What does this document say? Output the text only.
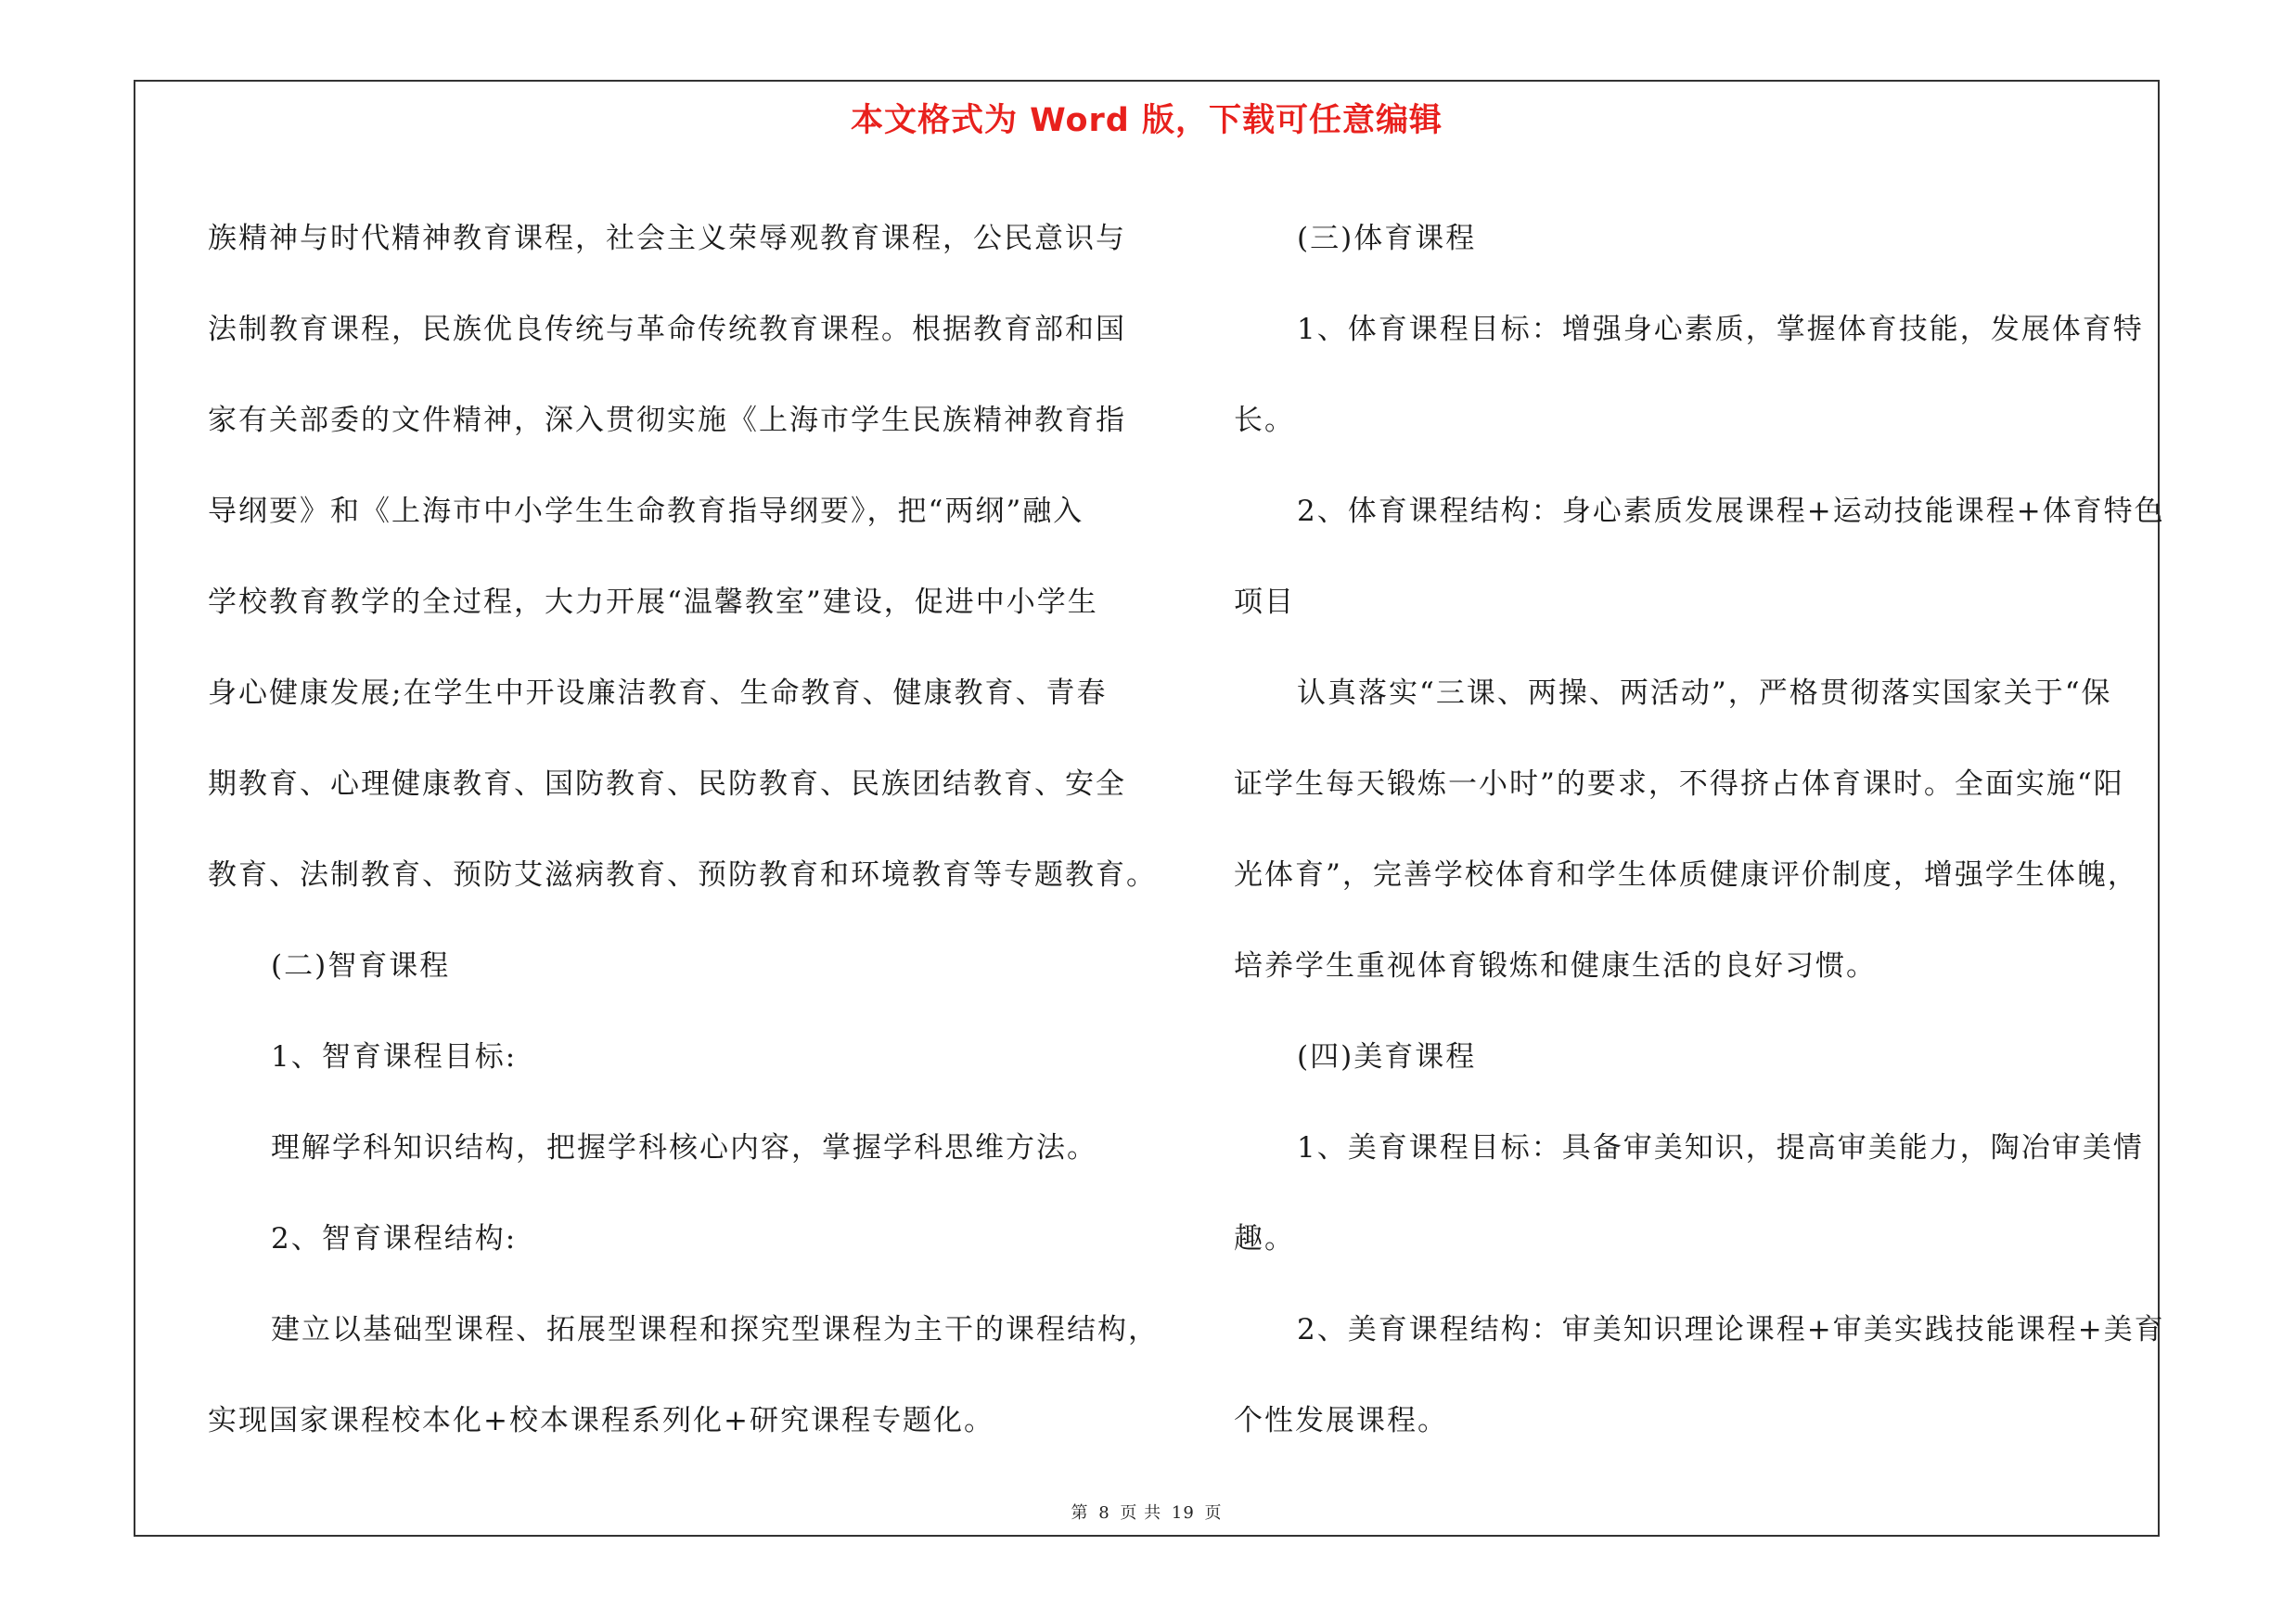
本文格式为 Word 版，下载可任意编辑

族精神与时代精神教育课程，社会主义荣辱观教育课程，公民意识与

法制教育课程，民族优良传统与革命传统教育课程。根据教育部和国

家有关部委的文件精神，深入贯彻实施《上海市学生民族精神教育指

导纲要》和《上海市中小学生生命教育指导纲要》，把“两纲”融入

学校教育教学的全过程，大力开展“温馨教室”建设，促进中小学生

身心健康发展;在学生中开设廉洁教育、生命教育、健康教育、青春

期教育、心理健康教育、国防教育、民防教育、民族团结教育、安全

教育、法制教育、预防艾滋病教育、预防教育和环境教育等专题教育。

(二)智育课程

1、智育课程目标:

理解学科知识结构，把握学科核心内容，掌握学科思维方法。

2、智育课程结构:

建立以基础型课程、拓展型课程和探究型课程为主干的课程结构，

实现国家课程校本化+校本课程系列化+研究课程专题化。

(三)体育课程

1、体育课程目标：增强身心素质，掌握体育技能，发展体育特

长。

2、体育课程结构：身心素质发展课程+运动技能课程+体育特色

项目

认真落实“三课、两操、两活动”，严格贯彻落实国家关于“保

证学生每天锻炼一小时”的要求，不得挤占体育课时。全面实施“阳

光体育”，完善学校体育和学生体质健康评价制度，增强学生体魄，

培养学生重视体育锻炼和健康生活的良好习惯。

(四)美育课程

1、美育课程目标：具备审美知识，提高审美能力，陶冶审美情

趣。

2、美育课程结构：审美知识理论课程+审美实践技能课程+美育

个性发展课程。

第 8 页 共 19 页
